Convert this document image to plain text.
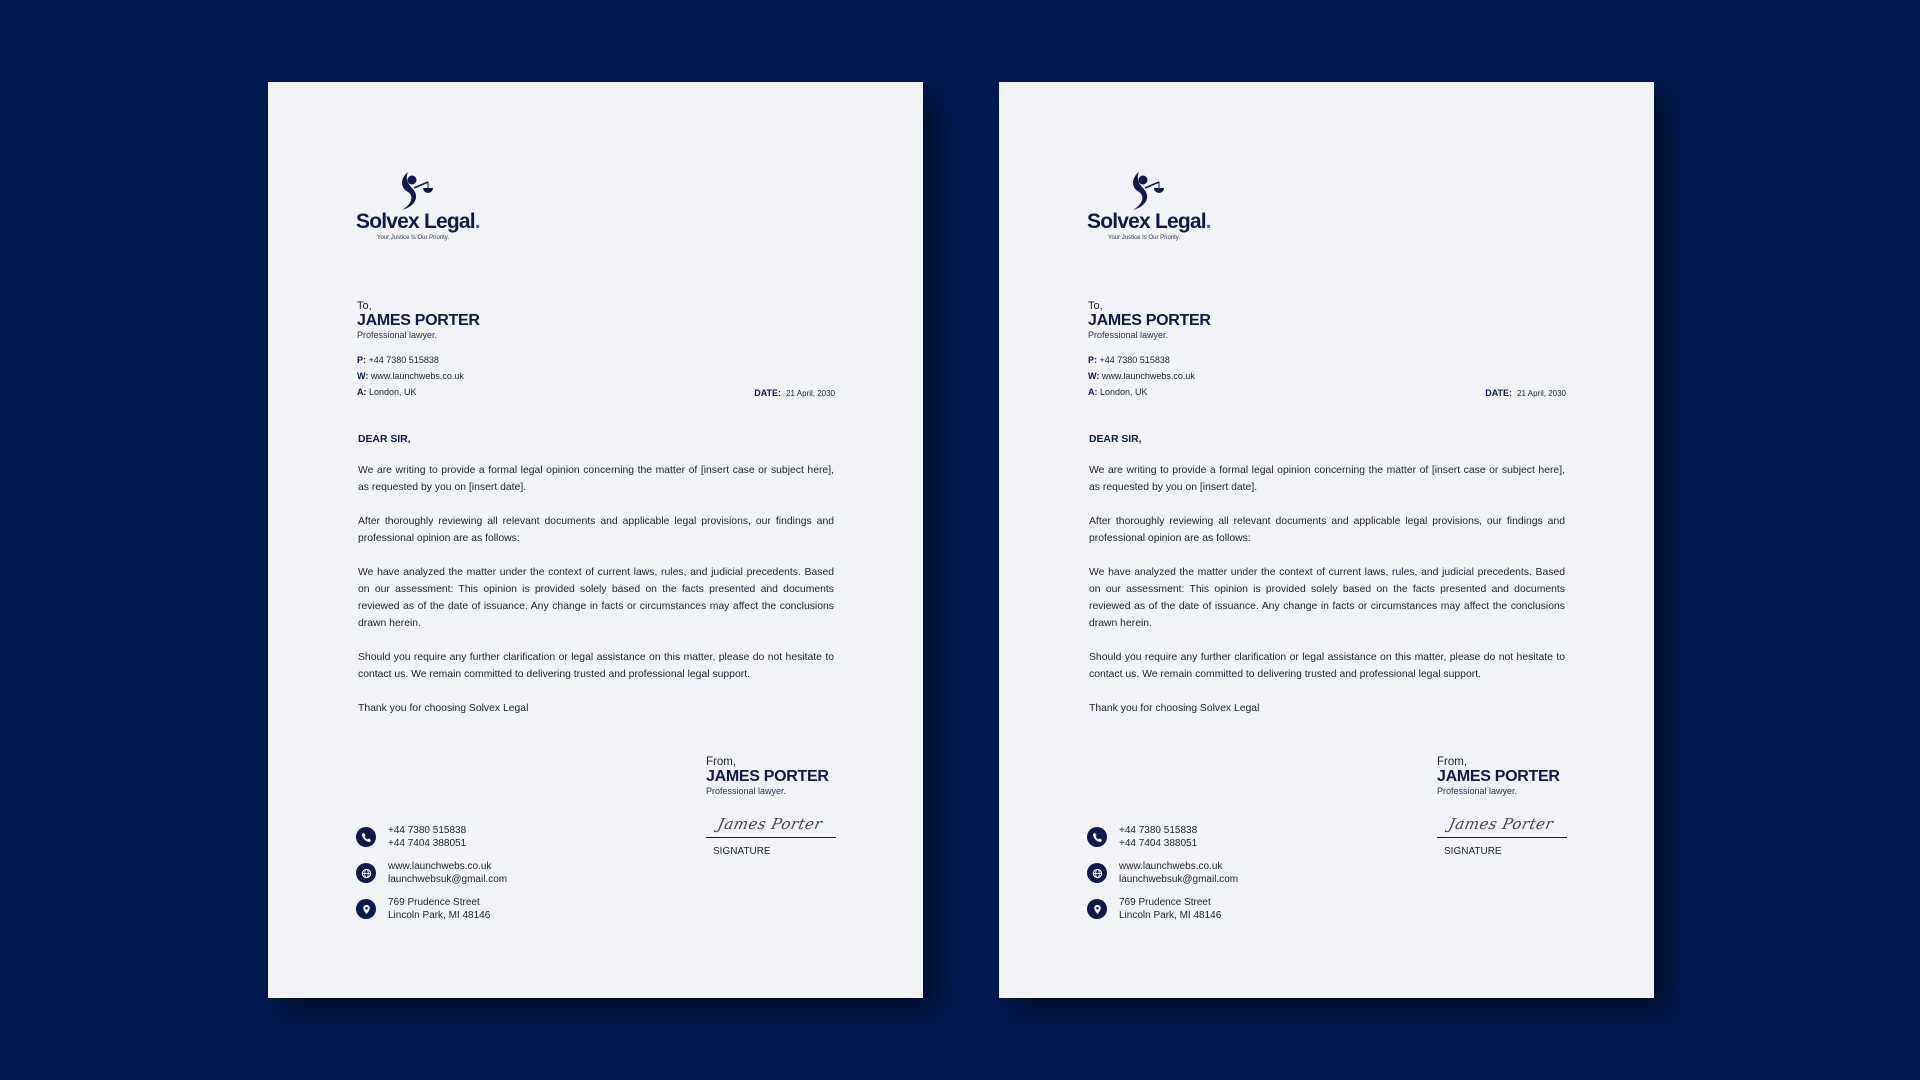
Solvex Legal.
Your Justice Is Our Priority.
To,
JAMES PORTER
Professional lawyer.
P: +44 7380 515838
W: www.launchwebs.co.uk
A: London, UK	DATE: 21 April, 2030

DEAR SIR,

We are writing to provide a formal legal opinion concerning the matter of [insert case or subject here], as requested by you on [insert date].

After thoroughly reviewing all relevant documents and applicable legal provisions, our findings and professional opinion are as follows:

We have analyzed the matter under the context of current laws, rules, and judicial precedents. Based on our assessment: This opinion is provided solely based on the facts presented and documents reviewed as of the date of issuance. Any change in facts or circumstances may affect the conclusions drawn herein.

Should you require any further clarification or legal assistance on this matter, please do not hesitate to contact us. We remain committed to delivering trusted and professional legal support.

Thank you for choosing Solvex Legal

From,
JAMES PORTER
Professional lawyer.
James Porter
SIGNATURE
+44 7380 515838
+44 7404 388051
www.launchwebs.co.uk
launchwebsuk@gmail.com
769 Prudence Street
Lincoln Park, MI 48146
Solvex Legal.
Your Justice Is Our Priority.
To,
JAMES PORTER
Professional lawyer.
P: +44 7380 515838
W: www.launchwebs.co.uk
A: London, UK	DATE: 21 April, 2030

DEAR SIR,

We are writing to provide a formal legal opinion concerning the matter of [insert case or subject here], as requested by you on [insert date].

After thoroughly reviewing all relevant documents and applicable legal provisions, our findings and professional opinion are as follows:

We have analyzed the matter under the context of current laws, rules, and judicial precedents. Based on our assessment: This opinion is provided solely based on the facts presented and documents reviewed as of the date of issuance. Any change in facts or circumstances may affect the conclusions drawn herein.

Should you require any further clarification or legal assistance on this matter, please do not hesitate to contact us. We remain committed to delivering trusted and professional legal support.

Thank you for choosing Solvex Legal

From,
JAMES PORTER
Professional lawyer.
James Porter
SIGNATURE
+44 7380 515838
+44 7404 388051
www.launchwebs.co.uk
launchwebsuk@gmail.com
769 Prudence Street
Lincoln Park, MI 48146
